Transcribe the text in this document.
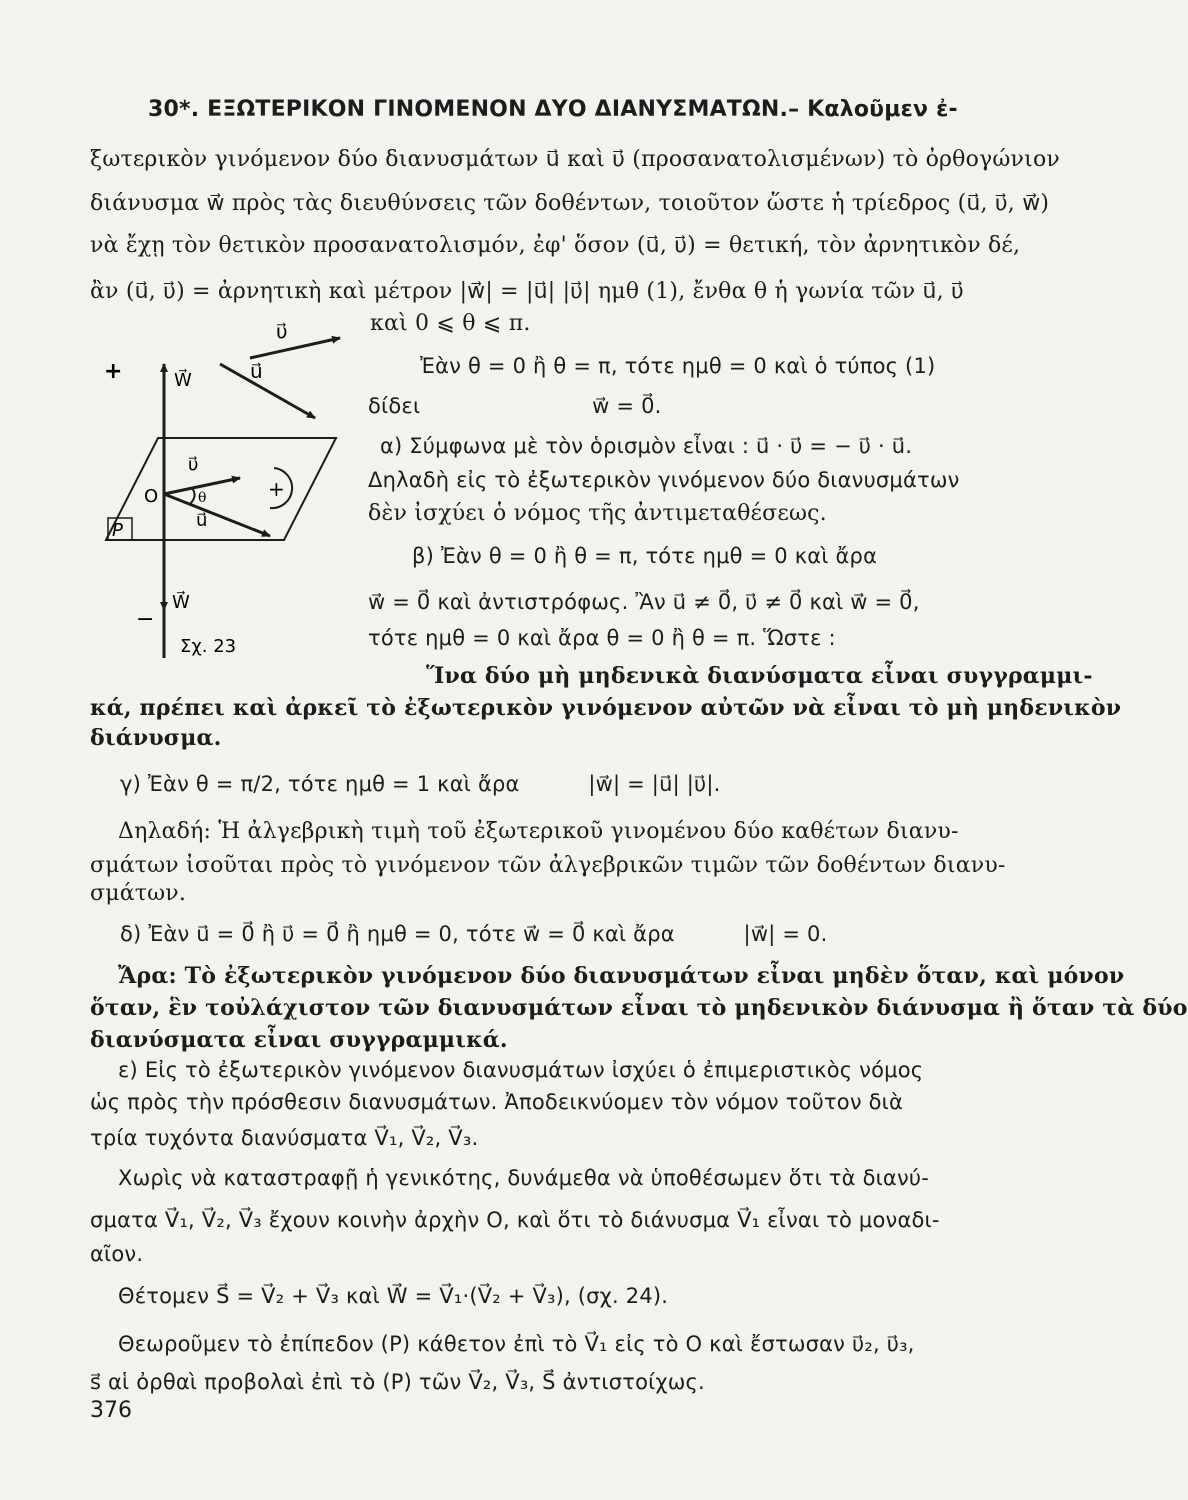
30*. ΕΞΩΤΕΡΙΚΟΝ ΓΙΝΟΜΕΝΟΝ ΔΥΟ ΔΙΑΝΥΣΜΑΤΩΝ.– Καλοῦμεν ἐ-
ξωτερικὸν γινόμενον δύο διανυσμάτων u⃗ καὶ υ⃗ (προσανατολισμένων) τὸ ὀρθογώνιον
διάνυσμα w⃗ πρὸς τὰς διευθύνσεις τῶν δοθέντων, τοιοῦτον ὥστε ἡ τρίεδρος (u⃗, υ⃗, w⃗)
νὰ ἔχῃ τὸν θετικὸν προσανατολισμόν, ἐφ' ὅσον (u⃗, υ⃗) = θετική, τὸν ἀρνητικὸν δέ,
ἂν (u⃗, υ⃗) = ἀρνητικὴ καὶ μέτρον |w⃗| = |u⃗| |υ⃗| ημθ (1), ἔνθα θ ἡ γωνία τῶν u⃗, υ⃗
καὶ 0 ⩽ θ ⩽ π.
Ἐὰν θ = 0 ἢ θ = π, τότε ημθ = 0 καὶ ὁ τύπος (1)
δίδει                         w⃗ = 0⃗.
α) Σύμφωνα μὲ τὸν ὁρισμὸν εἶναι : u⃗ · υ⃗ = − υ⃗ · u⃗.
Δηλαδὴ εἰς τὸ ἐξωτερικὸν γινόμενον δύο διανυσμάτων
δὲν ἰσχύει ὁ νόμος τῆς ἀντιμεταθέσεως.
β) Ἐὰν θ = 0 ἢ θ = π, τότε ημθ = 0 καὶ ἄρα
w⃗ = 0⃗ καὶ ἀντιστρόφως. Ἂν u⃗ ≠ 0⃗, υ⃗ ≠ 0⃗ καὶ w⃗ = 0⃗,
τότε ημθ = 0 καὶ ἄρα θ = 0 ἢ θ = π. Ὥστε :
Ἵνα δύο μὴ μηδενικὰ διανύσματα εἶναι συγγραμμι-
κά, πρέπει καὶ ἀρκεῖ τὸ ἐξωτερικὸν γινόμενον αὐτῶν νὰ εἶναι τὸ μὴ μηδενικὸν
διάνυσμα.
γ) Ἐὰν θ = π/2, τότε ημθ = 1 καὶ ἄρα          |w⃗| = |u⃗| |υ⃗|.
Δηλαδή: Ἡ ἀλγεβρικὴ τιμὴ τοῦ ἐξωτερικοῦ γινομένου δύο καθέτων διανυ-
σμάτων ἰσοῦται πρὸς τὸ γινόμενον τῶν ἀλγεβρικῶν τιμῶν τῶν δοθέντων διανυ-
σμάτων.
δ) Ἐὰν u⃗ = 0⃗ ἢ υ⃗ = 0⃗ ἢ ημθ = 0, τότε w⃗ = 0⃗ καὶ ἄρα          |w⃗| = 0.
Ἄρα: Τὸ ἐξωτερικὸν γινόμενον δύο διανυσμάτων εἶναι μηδὲν ὅταν, καὶ μόνον
ὅταν, ἓν τοὐλάχιστον τῶν διανυσμάτων εἶναι τὸ μηδενικὸν διάνυσμα ἢ ὅταν τὰ δύο
διανύσματα εἶναι συγγραμμικά.
ε) Εἰς τὸ ἐξωτερικὸν γινόμενον διανυσμάτων ἰσχύει ὁ ἐπιμεριστικὸς νόμος
ὡς πρὸς τὴν πρόσθεσιν διανυσμάτων. Ἀποδεικνύομεν τὸν νόμον τοῦτον διὰ
τρία τυχόντα διανύσματα V⃗₁, V⃗₂, V⃗₃.
Χωρὶς νὰ καταστραφῇ ἡ γενικότης, δυνάμεθα νὰ ὑποθέσωμεν ὅτι τὰ διανύ-
σματα V⃗₁, V⃗₂, V⃗₃ ἔχουν κοινὴν ἀρχὴν Ο, καὶ ὅτι τὸ διάνυσμα V⃗₁ εἶναι τὸ μοναδι-
αῖον.
Θέτομεν S⃗ = V⃗₂ + V⃗₃ καὶ W⃗ = V⃗₁·(V⃗₂ + V⃗₃), (σχ. 24).
Θεωροῦμεν τὸ ἐπίπεδον (P) κάθετον ἐπὶ τὸ V⃗₁ εἰς τὸ Ο καὶ ἔστωσαν υ⃗₂, υ⃗₃,
s⃗ αἱ ὀρθαὶ προβολαὶ ἐπὶ τὸ (P) τῶν V⃗₂, V⃗₃, S⃗ ἀντιστοίχως.
376
υ⃗
+	W⃗	u⃗
υ⃗
O	θ	+
u⃗
P
−
W⃗
Σχ. 23
